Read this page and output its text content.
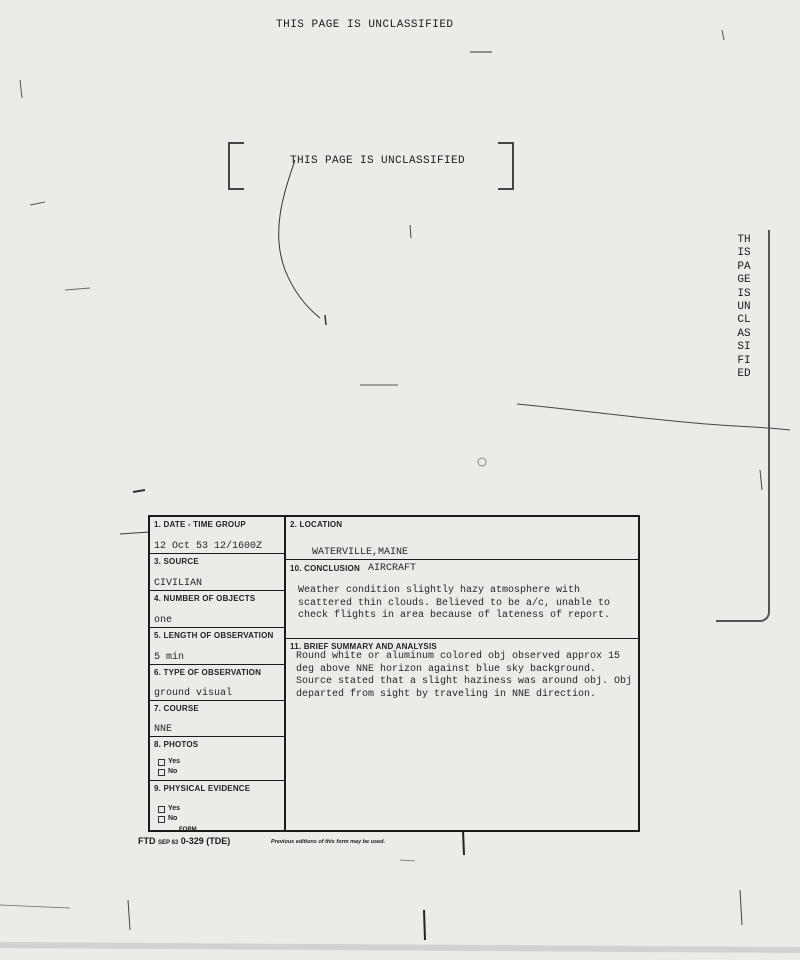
THIS PAGE IS UNCLASSIFIED
THIS PAGE IS UNCLASSIFIED
THIS PAGE IS UNCLASSIFIED
1. DATE - TIME GROUP
12 Oct 53 12/1600Z
3. SOURCE
CIVILIAN
4. NUMBER OF OBJECTS
one
5. LENGTH OF OBSERVATION
5 min
6. TYPE OF OBSERVATION
ground visual
7. COURSE
NNE
8. PHOTOS
Yes
No
9. PHYSICAL EVIDENCE
Yes
No
2. LOCATION
WATERVILLE,MAINE
10. CONCLUSION AIRCRAFT
Weather condition slightly hazy atmosphere with scattered thin clouds. Believed to be a/c, unable to check flights in area because of lateness of report.
11. BRIEF SUMMARY AND ANALYSIS
Round white or aluminum colored obj observed approx 15 deg above NNE horizon against blue sky background. Source stated that a slight haziness was around obj. Obj departed from sight by traveling in NNE direction.
FORM
FTD SEP 63 0-329 (TDE)	Previous editions of this form may be used.
